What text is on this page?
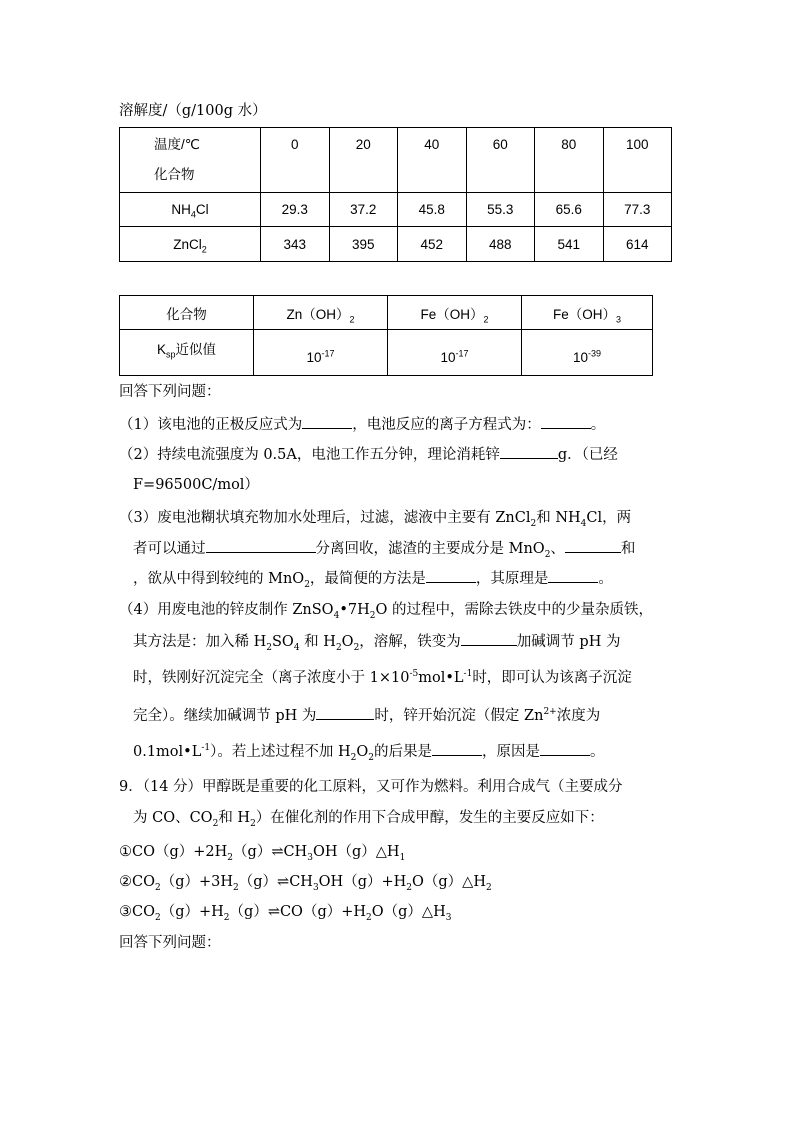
溶解度/（g/100g 水）
温度/℃
化合物	0	20	40	60	80	100
$NH_4Cl$	29.3	37.2	45.8	55.3	65.6	77.3
ZnCl$_2$	343	395	452	488	541	614
化合物	$Zn(OH)_2$	$Fe(OH)_2$	$Fe(OH)_3$
$K_{sp}$近似值	$10^{-17}$	$10^{-17}$	$10^{-39}$
回答下列问题：
（1）该电池的正极反应式为	，电池反应的离子方程式为：	。
（2）持续电流强度为 0.5A，电池工作五分钟，理论消耗锌	g．（已经
F=96500C/mol）
（3）废电池糊状填充物加水处理后，过滤，滤液中主要有 ZnCl$_2$和 $NH_4Cl$，两
者可以通过	分离回收，滤渣的主要成分是 MnO$_2$、	和
，欲从中得到较纯的 MnO$_2$，最简便的方法是	，其原理是	。
（4）用废电池的锌皮制作 $ZnSO_4•7H_2O$ 的过程中，需除去铁皮中的少量杂质铁，
其方法是：加入稀 $H_2SO_4$ 和 $H_2O_2$，溶解，铁变为	加碱调节 pH 为
时，铁刚好沉淀完全（离子浓度小于 $1\times 10^{-5}mol•L^{-1}$时，即可认为该离子沉淀
完全）。继续加碱调节 pH 为	时，锌开始沉淀（假定 $Zn^{2+}$浓度为
$0.1mol•L^{-1}$）。若上述过程不加 $H_2O_2$的后果是	，原因是	。
9．（14 分）甲醇既是重要的化工原料，又可作为燃料。利用合成气（主要成分
为 CO、$CO_2$和 $H_2$）在催化剂的作用下合成甲醇，发生的主要反应如下：
$①CO(g)+2H_2(g)\rightleftharpoons CH_3OH(g)\triangle H_1$
$②CO_2(g)+3H_2(g)\rightleftharpoons CH_3OH(g)+H_2O(g)\triangle H_2$
$③CO_2(g)+H_2(g)\rightleftharpoons CO(g)+H_2O(g)\triangle H_3$
回答下列问题：
